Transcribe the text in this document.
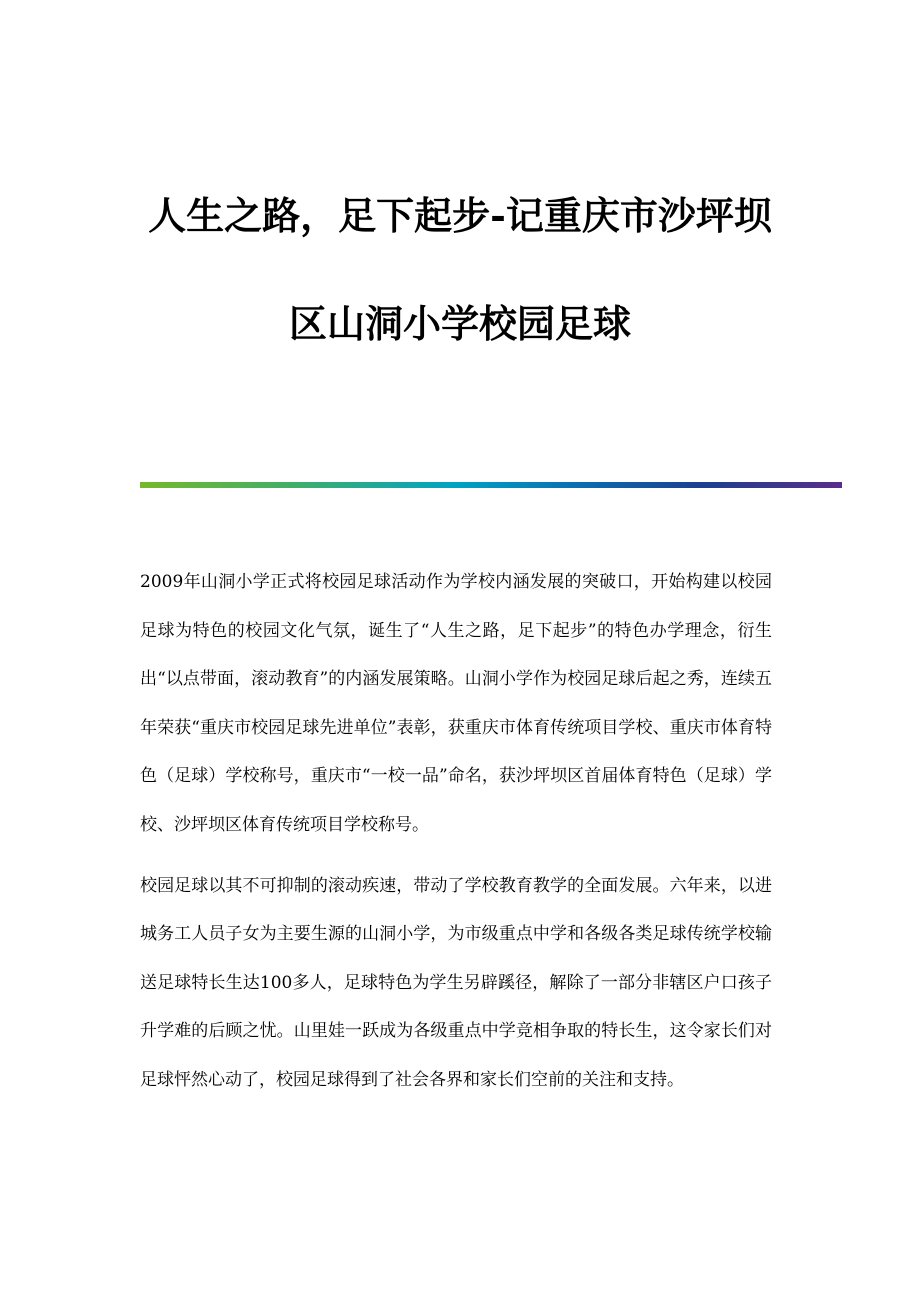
人生之路，足下起步-记重庆市沙坪坝
区山洞小学校园足球

2009年山洞小学正式将校园足球活动作为学校内涵发展的突破口，开始构建以校园足球为特色的校园文化气氛，诞生了“人生之路，足下起步”的特色办学理念，衍生出“以点带面，滚动教育”的内涵发展策略。山洞小学作为校园足球后起之秀，连续五年荣获“重庆市校园足球先进单位”表彰，获重庆市体育传统项目学校、重庆市体育特色（足球）学校称号，重庆市“一校一品”命名，获沙坪坝区首届体育特色（足球）学校、沙坪坝区体育传统项目学校称号。

校园足球以其不可抑制的滚动疾速，带动了学校教育教学的全面发展。六年来，以进城务工人员子女为主要生源的山洞小学，为市级重点中学和各级各类足球传统学校输送足球特长生达100多人，足球特色为学生另辟蹊径，解除了一部分非辖区户口孩子升学难的后顾之忧。山里娃一跃成为各级重点中学竞相争取的特长生，这令家长们对足球怦然心动了，校园足球得到了社会各界和家长们空前的关注和支持。
